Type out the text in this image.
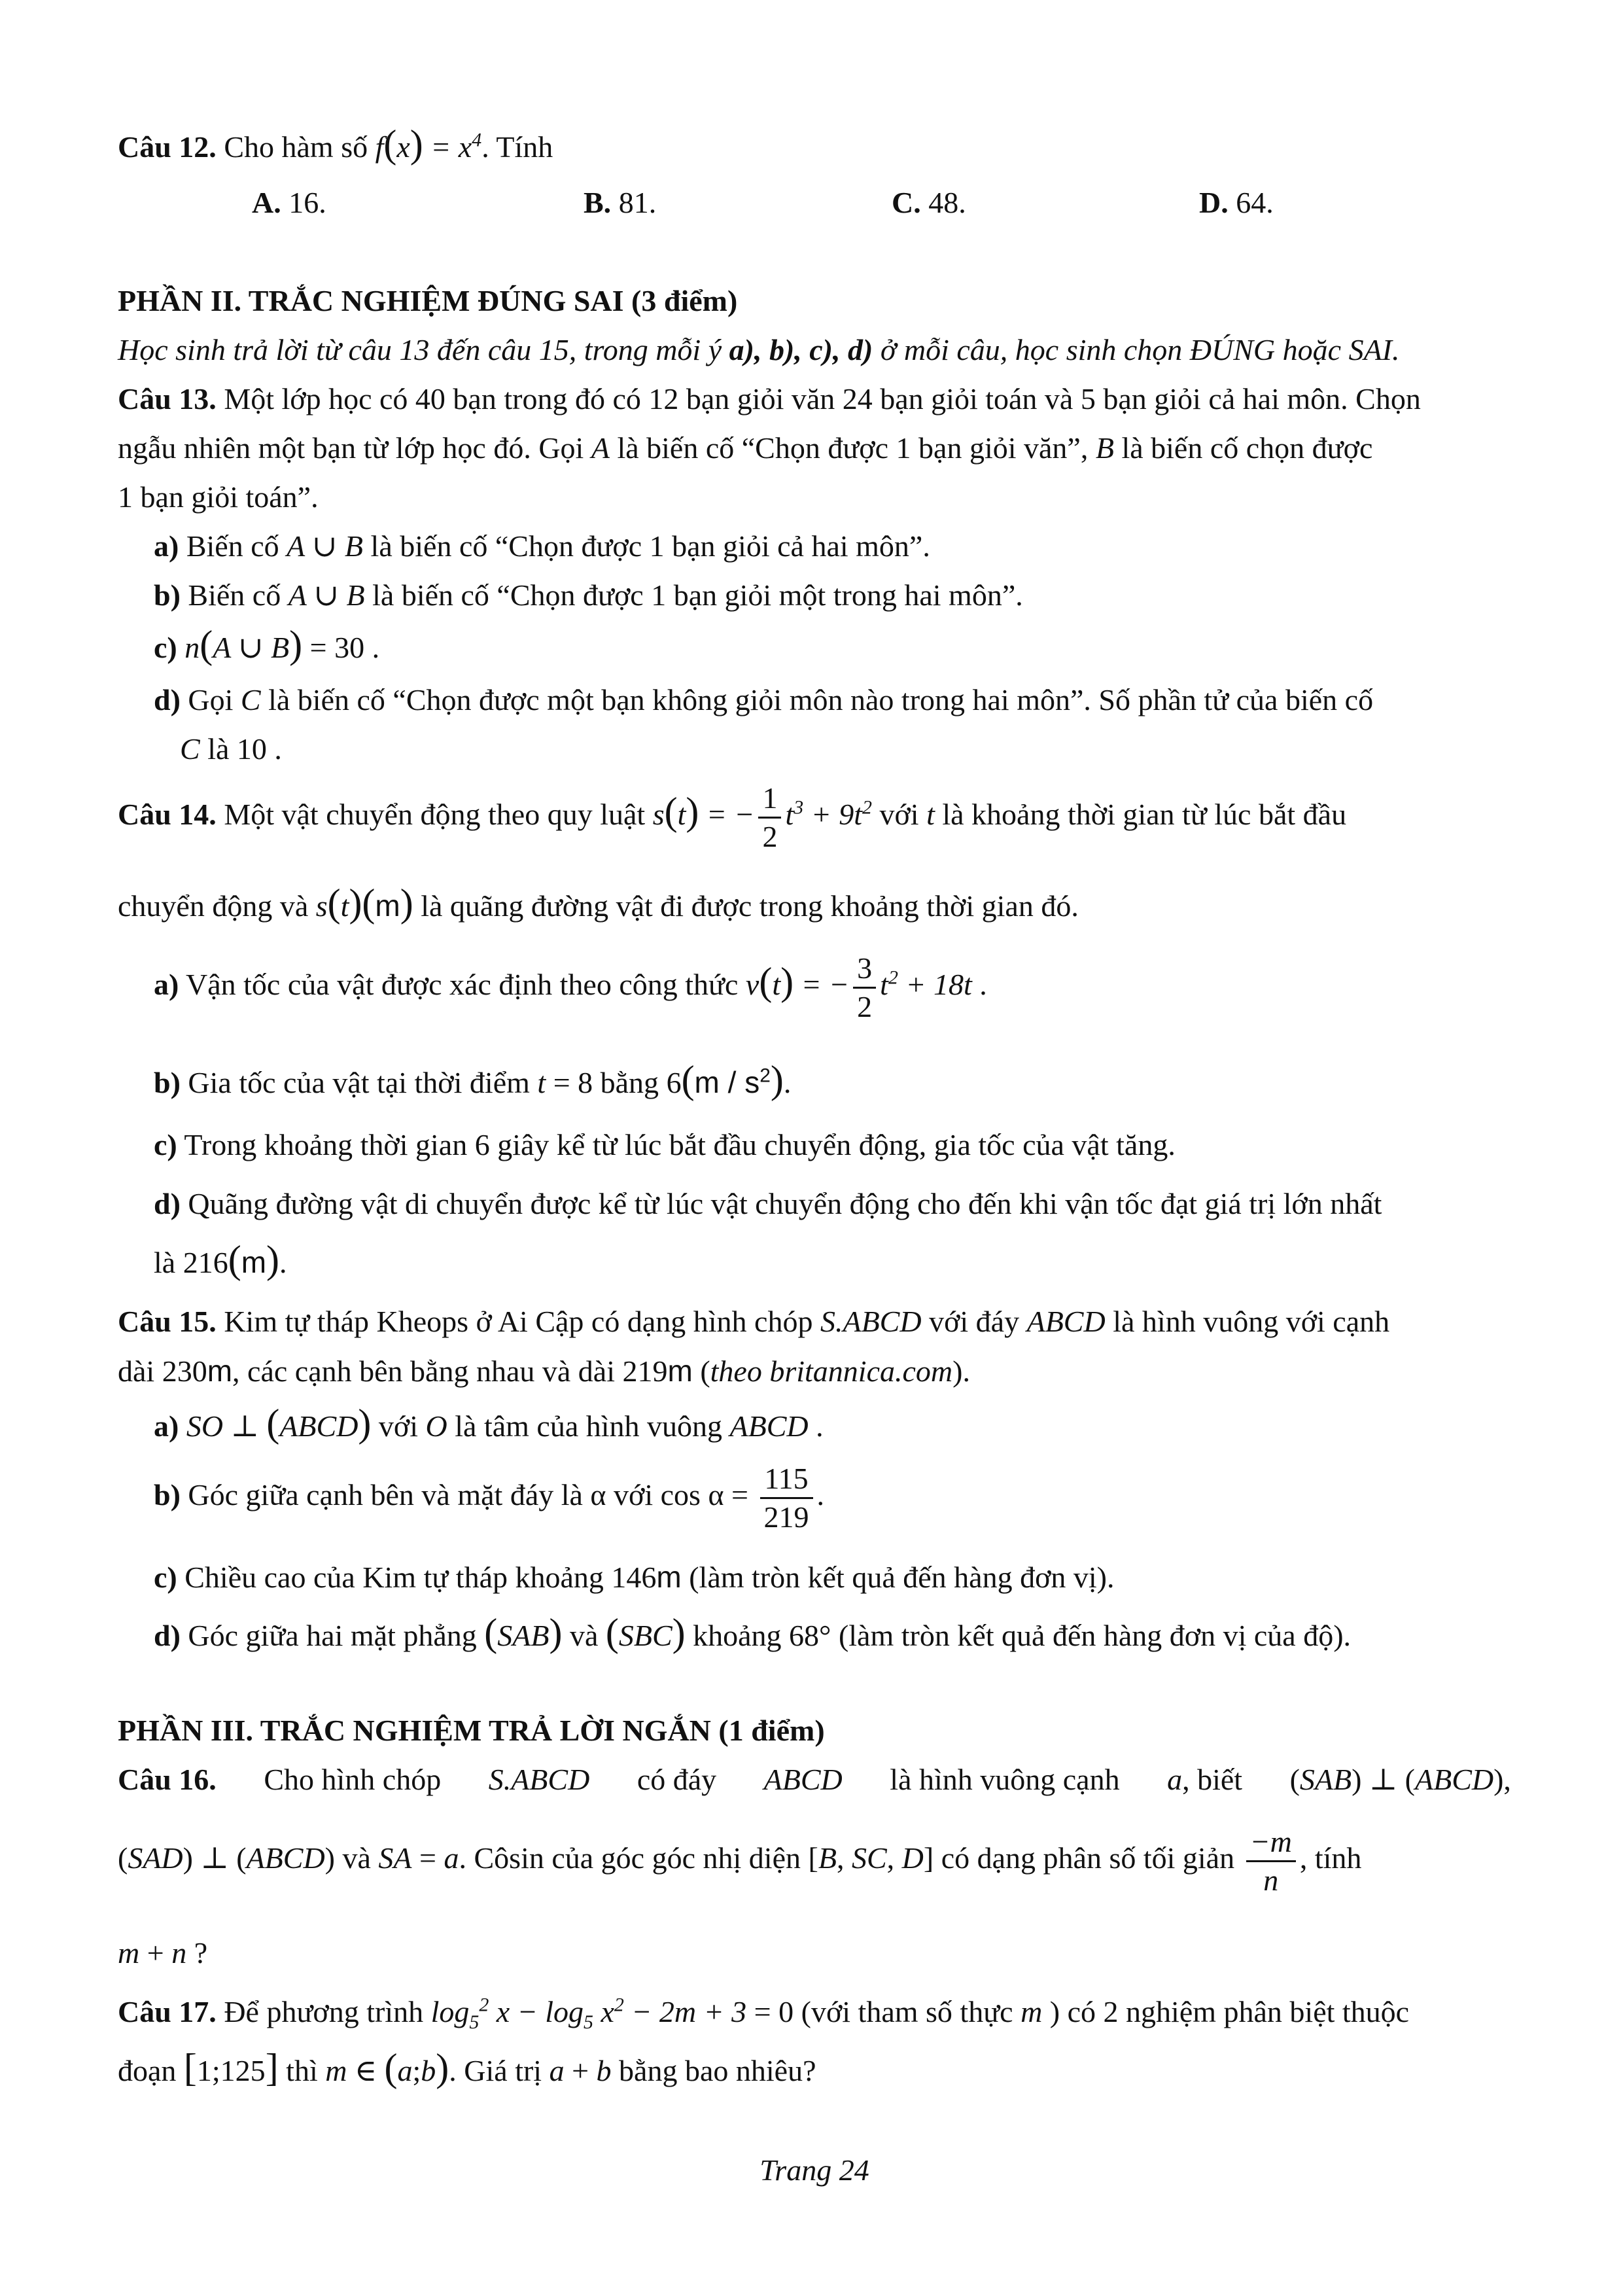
Câu 12. Cho hàm số $f(x) = x^4$. Tính
A. 16.	B. 81.	C. 48.	D. 64.
PHẦN II. TRẮC NGHIỆM ĐÚNG SAI (3 điểm)
Học sinh trả lời từ câu 13 đến câu 15, trong mỗi ý a), b), c), d) ở mỗi câu, học sinh chọn ĐÚNG hoặc SAI.
Câu 13. Một lớp học có 40 bạn trong đó có 12 bạn giỏi văn 24 bạn giỏi toán và 5 bạn giỏi cả hai môn. Chọn
ngẫu nhiên một bạn từ lớp học đó. Gọi A là biến cố “Chọn được 1 bạn giỏi văn”, B là biến cố chọn được
1 bạn giỏi toán”.
a) Biến cố A ∪ B là biến cố “Chọn được 1 bạn giỏi cả hai môn”.
b) Biến cố A ∪ B là biến cố “Chọn được 1 bạn giỏi một trong hai môn”.
c) n(A ∪ B) = 30 .
d) Gọi C là biến cố “Chọn được một bạn không giỏi môn nào trong hai môn”. Số phần tử của biến cố
C là 10 .
Câu 14. Một vật chuyển động theo quy luật s(t) = − $\frac{1}{2} t^3 + 9t^2$ với t là khoảng thời gian từ lúc bắt đầu
chuyển động và s(t)(m) là quãng đường vật đi được trong khoảng thời gian đó.
a) Vận tốc của vật được xác định theo công thức v(t) = − $\frac{3}{2} t^2 + 18t$ .
b) Gia tốc của vật tại thời điểm t = 8 bằng $6(m / s^2)$.
c) Trong khoảng thời gian 6 giây kể từ lúc bắt đầu chuyển động, gia tốc của vật tăng.
d) Quãng đường vật di chuyển được kể từ lúc vật chuyển động cho đến khi vận tốc đạt giá trị lớn nhất
là 216(m).
Câu 15. Kim tự tháp Kheops ở Ai Cập có dạng hình chóp S.ABCD với đáy ABCD là hình vuông với cạnh
dài 230m, các cạnh bên bằng nhau và dài 219m (theo britannica.com).
a) SO ⊥ (ABCD) với O là tâm của hình vuông ABCD .
b) Góc giữa cạnh bên và mặt đáy là α với $\cos \alpha = \frac{115}{219}$ .
c) Chiều cao của Kim tự tháp khoảng 146m (làm tròn kết quả đến hàng đơn vị).
d) Góc giữa hai mặt phẳng (SAB) và (SBC) khoảng 68° (làm tròn kết quả đến hàng đơn vị của độ).
PHẦN III. TRẮC NGHIỆM TRẢ LỜI NGẮN (1 điểm)
Câu 16. Cho hình chóp S.ABCD có đáy ABCD là hình vuông cạnh a, biết (SAB) ⊥ (ABCD),
(SAD) ⊥ (ABCD) và SA = a. Côsin của góc góc nhị diện [B, SC, D] có dạng phân số tối giản $\frac{-m}{n}$ , tính
m + n ?
Câu 17. Để phương trình $\log_5^2 x - \log_5 x^2 - 2m + 3 = 0$ (với tham số thực m ) có 2 nghiệm phân biệt thuộc
đoạn [1;125] thì m ∈ (a;b). Giá trị a + b bằng bao nhiêu?
Trang 24
